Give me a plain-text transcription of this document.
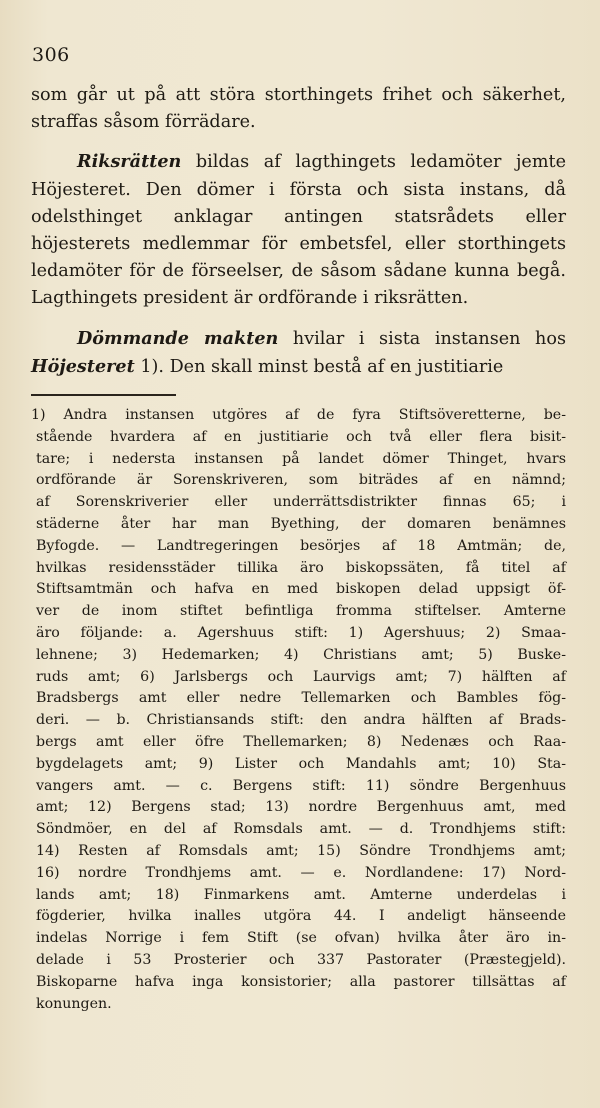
306

som går ut på att störa storthingets frihet och säkerhet, straffas såsom förrädare.

Riksrätten bildas af lagthingets ledamöter jemte Höjesteret. Den dömer i första och sista instans, då odelsthinget anklagar antingen statsrådets eller höjesterets medlemmar för embetsfel, eller storthingets ledamöter för de förseelser, de såsom sådane kunna begå. Lagthingets president är ordförande i riksrätten.

Dömmande makten hvilar i sista instansen hos Höjesteret 1). Den skall minst bestå af en justitiarie

1) Andra instansen utgöres af de fyra Stiftsöveretterne, be-
stående hvardera af en justitiarie och två eller flera bisit-
tare; i nedersta instansen på landet dömer Thinget, hvars
ordförande är Sorenskriveren, som biträdes af en nämnd;
af Sorenskriverier eller underrättsdistrikter finnas 65; i
städerne åter har man Byething, der domaren benämnes
Byfogde. — Landtregeringen besörjes af 18 Amtmän; de,
hvilkas residensstäder tillika äro biskopssäten, få titel af
Stiftsamtmän och hafva en med biskopen delad uppsigt öf-
ver de inom stiftet befintliga fromma stiftelser. Amterne
äro följande: a. Agershuus stift: 1) Agershuus; 2) Smaa-
lehnene; 3) Hedemarken; 4) Christians amt; 5) Buske-
ruds amt; 6) Jarlsbergs och Laurvigs amt; 7) hälften af
Bradsbergs amt eller nedre Tellemarken och Bambles fög-
deri. — b. Christiansands stift: den andra hälften af Brads-
bergs amt eller öfre Thellemarken; 8) Nedenæs och Raa-
bygdelagets amt; 9) Lister och Mandahls amt; 10) Sta-
vangers amt. — c. Bergens stift: 11) söndre Bergenhuus
amt; 12) Bergens stad; 13) nordre Bergenhuus amt, med
Söndmöer, en del af Romsdals amt. — d. Trondhjems stift:
14) Resten af Romsdals amt; 15) Söndre Trondhjems amt;
16) nordre Trondhjems amt. — e. Nordlandene: 17) Nord-
lands amt; 18) Finmarkens amt. Amterne underdelas i
fögderier, hvilka inalles utgöra 44. I andeligt hänseende
indelas Norrige i fem Stift (se ofvan) hvilka åter äro in-
delade i 53 Prosterier och 337 Pastorater (Præstegjeld).
Biskoparne hafva inga konsistorier; alla pastorer tillsättas af
konungen.
